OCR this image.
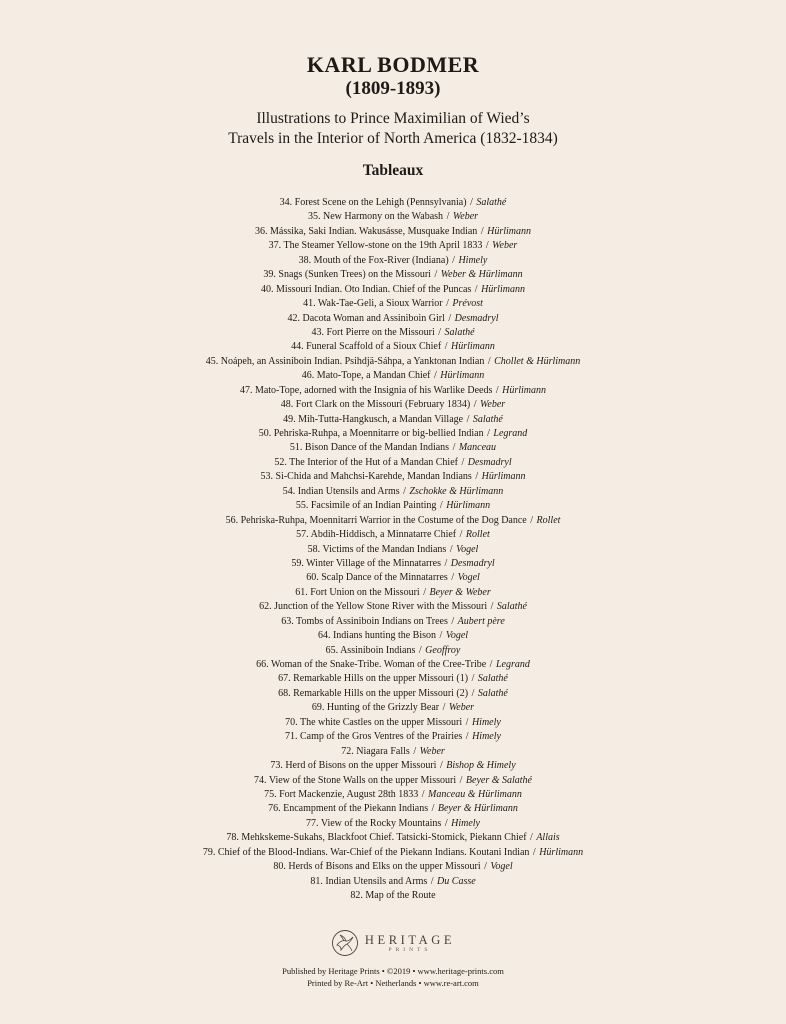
KARL BODMER

(1809-1893)

Illustrations to Prince Maximilian of Wied’s
Travels in the Interior of North America (1832-1834)

Tableaux
34. Forest Scene on the Lehigh (Pennsylvania) / Salathé
35. New Harmony on the Wabash / Weber
36. Mássika, Saki Indian. Wakusásse, Musquake Indian / Hürlimann
37. The Steamer Yellow-stone on the 19th April 1833 / Weber
38. Mouth of the Fox-River (Indiana) / Himely
39. Snags (Sunken Trees) on the Missouri / Weber & Hürlimann
40. Missouri Indian. Oto Indian. Chief of the Puncas / Hürlimann
41. Wak-Tae-Geli, a Sioux Warrior / Prévost
42. Dacota Woman and Assiniboin Girl / Desmadryl
43. Fort Pierre on the Missouri / Salathé
44. Funeral Scaffold of a Sioux Chief / Hürlimann
45. Noápeh, an Assiniboin Indian. Psihdjä-Sáhpa, a Yanktonan Indian / Chollet & Hürlimann
46. Mato-Tope, a Mandan Chief / Hürlimann
47. Mato-Tope, adorned with the Insignia of his Warlike Deeds / Hürlimann
48. Fort Clark on the Missouri (February 1834) / Weber
49. Mih-Tutta-Hangkusch, a Mandan Village / Salathé
50. Pehriska-Ruhpa, a Moennitarre or big-bellied Indian / Legrand
51. Bison Dance of the Mandan Indians / Manceau
52. The Interior of the Hut of a Mandan Chief / Desmadryl
53. Si-Chida and Mahchsi-Karehde, Mandan Indians / Hürlimann
54. Indian Utensils and Arms / Zschokke & Hürlimann
55. Facsimile of an Indian Painting / Hürlimann
56. Pehriska-Ruhpa, Moennitarri Warrior in the Costume of the Dog Dance / Rollet
57. Abdih-Hiddisch, a Minnatarre Chief / Rollet
58. Victims of the Mandan Indians / Vogel
59. Winter Village of the Minnatarres / Desmadryl
60. Scalp Dance of the Minnatarres / Vogel
61. Fort Union on the Missouri / Beyer & Weber
62. Junction of the Yellow Stone River with the Missouri / Salathé
63. Tombs of Assiniboin Indians on Trees / Aubert père
64. Indians hunting the Bison / Vogel
65. Assiniboin Indians / Geoffroy
66. Woman of the Snake-Tribe. Woman of the Cree-Tribe / Legrand
67. Remarkable Hills on the upper Missouri (1) / Salathé
68. Remarkable Hills on the upper Missouri (2) / Salathé
69. Hunting of the Grizzly Bear / Weber
70. The white Castles on the upper Missouri / Himely
71. Camp of the Gros Ventres of the Prairies / Himely
72. Niagara Falls / Weber
73. Herd of Bisons on the upper Missouri / Bishop & Himely
74. View of the Stone Walls on the upper Missouri / Beyer & Salathé
75. Fort Mackenzie, August 28th 1833 / Manceau & Hürlimann
76. Encampment of the Piekann Indians / Beyer & Hürlimann
77. View of the Rocky Mountains / Himely
78. Mehkskeme-Sukahs, Blackfoot Chief. Tatsicki-Stomick, Piekann Chief / Allais
79. Chief of the Blood-Indians. War-Chief of the Piekann Indians. Koutani Indian / Hürlimann
80. Herds of Bisons and Elks on the upper Missouri / Vogel
81. Indian Utensils and Arms / Du Casse
82. Map of the Route
HERITAGE
PRINTS

Published by Heritage Prints • ©2019 • www.heritage-prints.com
Printed by Re-Art • Netherlands • www.re-art.com
